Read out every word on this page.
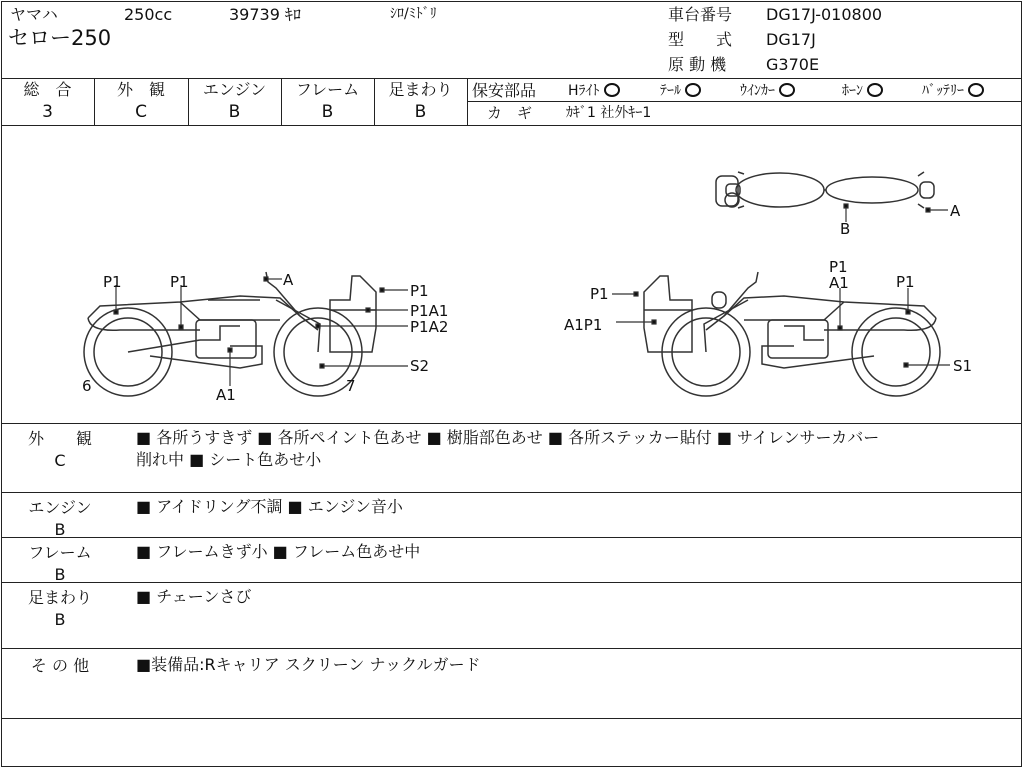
ヤマハ	250cc	39739 ｷﾛ	ｼﾛ/ﾐﾄﾞﾘ
セロー250
車台番号 DG17J-010800
型　　式 DG17J
原 動 機 G370E
総　合
3
外　観
C
エンジン
B
フレーム
B
足まわり
B
保安部品 Hﾗｲﾄ	ﾃｰﾙ	ｳｲﾝｶｰ	ﾎｰﾝ	ﾊﾞｯﾃﾘｰ
カ　ギ ｶｷﾞ1 社外ｷｰ1
P1	P1	A
P1
P1A1
P1A2
S2
6	A1	7
P1
A1P1
P1
A1	P1
S1
A
B
外　　観
C
■ 各所うすきず ■ 各所ペイント色あせ ■ 樹脂部色あせ ■ 各所ステッカー貼付 ■ サイレンサーカバー
削れ中 ■ シート色あせ小
エンジン
B
■ アイドリング不調 ■ エンジン音小
フレーム
B
■ フレームきず小 ■ フレーム色あせ中
足まわり
B
■ チェーンさび
そ の 他	■装備品:Rキャリア スクリーン ナックルガード
